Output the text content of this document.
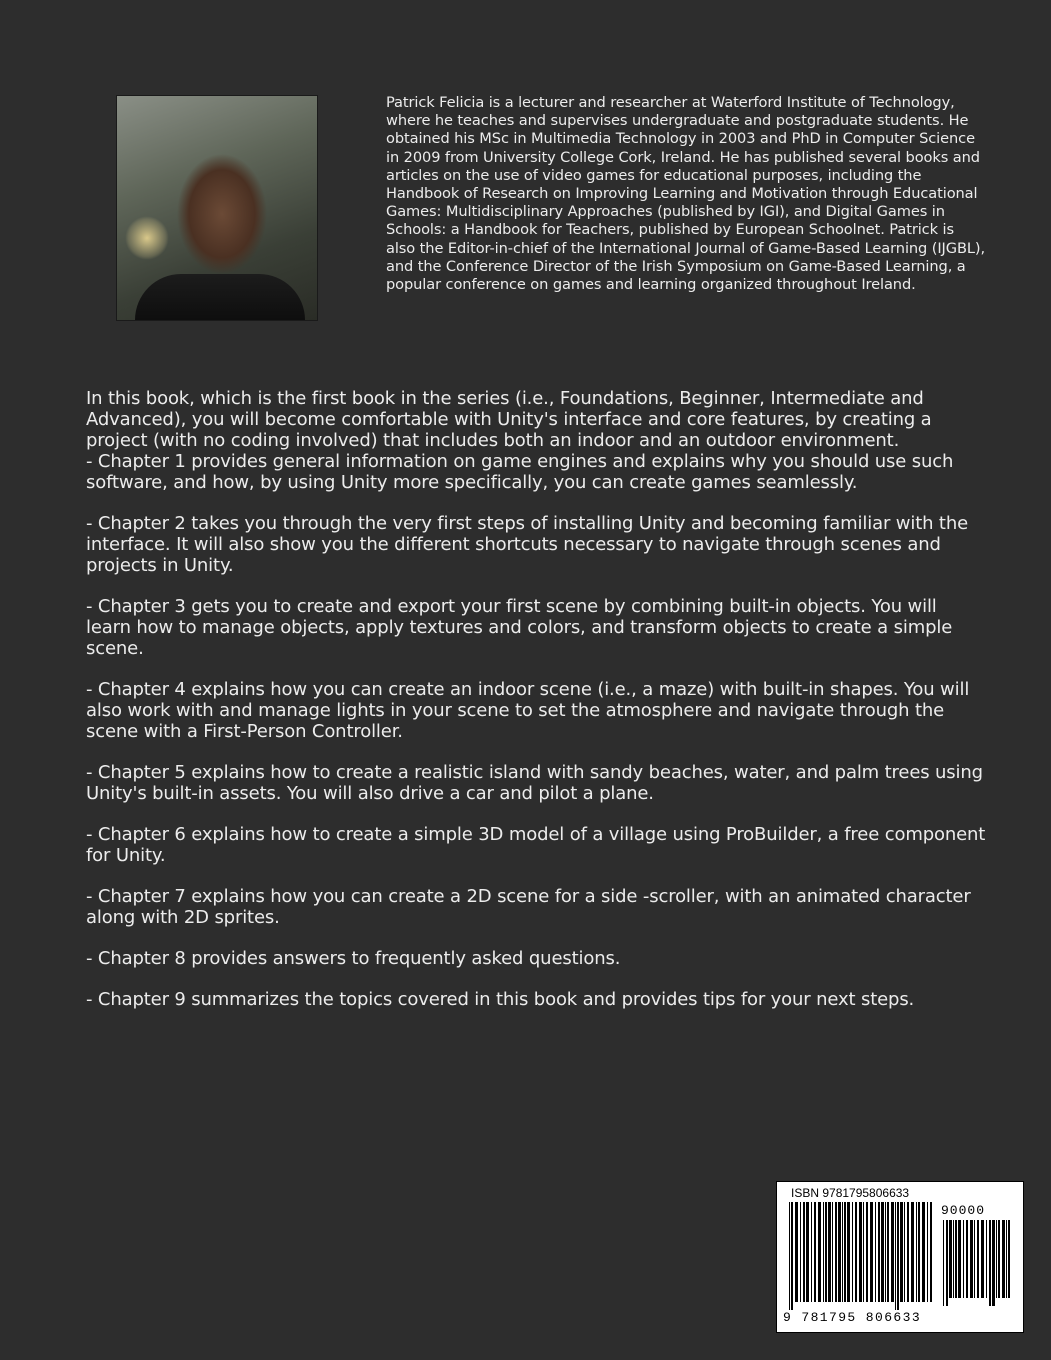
Patrick Felicia is a lecturer and researcher at Waterford Institute of Technology, where he teaches and supervises undergraduate and postgraduate students. He obtained his MSc in Multimedia Technology in 2003 and PhD in Computer Science in 2009 from University College Cork, Ireland. He has published several books and articles on the use of video games for educational purposes, including the Handbook of Research on Improving Learning and Motivation through Educational Games: Multidisciplinary Approaches (published by IGI), and Digital Games in Schools: a Handbook for Teachers, published by European Schoolnet. Patrick is also the Editor-in-chief of the International Journal of Game-Based Learning (IJGBL), and the Conference Director of the Irish Symposium on Game-Based Learning, a popular conference on games and learning organized throughout Ireland.

In this book, which is the first book in the series (i.e., Foundations, Beginner, Intermediate and Advanced), you will become comfortable with Unity's interface and core features, by creating a project (with no coding involved) that includes both an indoor and an outdoor environment.
- Chapter 1 provides general information on game engines and explains why you should use such software, and how, by using Unity more specifically, you can create games seamlessly.

- Chapter 2 takes you through the very first steps of installing Unity and becoming familiar with the interface. It will also show you the different shortcuts necessary to navigate through scenes and projects in Unity.

- Chapter 3 gets you to create and export your first scene by combining built-in objects. You will learn how to manage objects, apply textures and colors, and transform objects to create a simple scene.

- Chapter 4 explains how you can create an indoor scene (i.e., a maze) with built-in shapes. You will also work with and manage lights in your scene to set the atmosphere and navigate through the scene with a First-Person Controller.

- Chapter 5 explains how to create a realistic island with sandy beaches, water, and palm trees using Unity's built-in assets. You will also drive a car and pilot a plane.

- Chapter 6 explains how to create a simple 3D model of a village using ProBuilder, a free component for Unity.

- Chapter 7 explains how you can create a 2D scene for a side -scroller, with an animated character along with 2D sprites.

- Chapter 8 provides answers to frequently asked questions.

- Chapter 9 summarizes the topics covered in this book and provides tips for your next steps.

ISBN 9781795806633
90000
9 781795 806633
